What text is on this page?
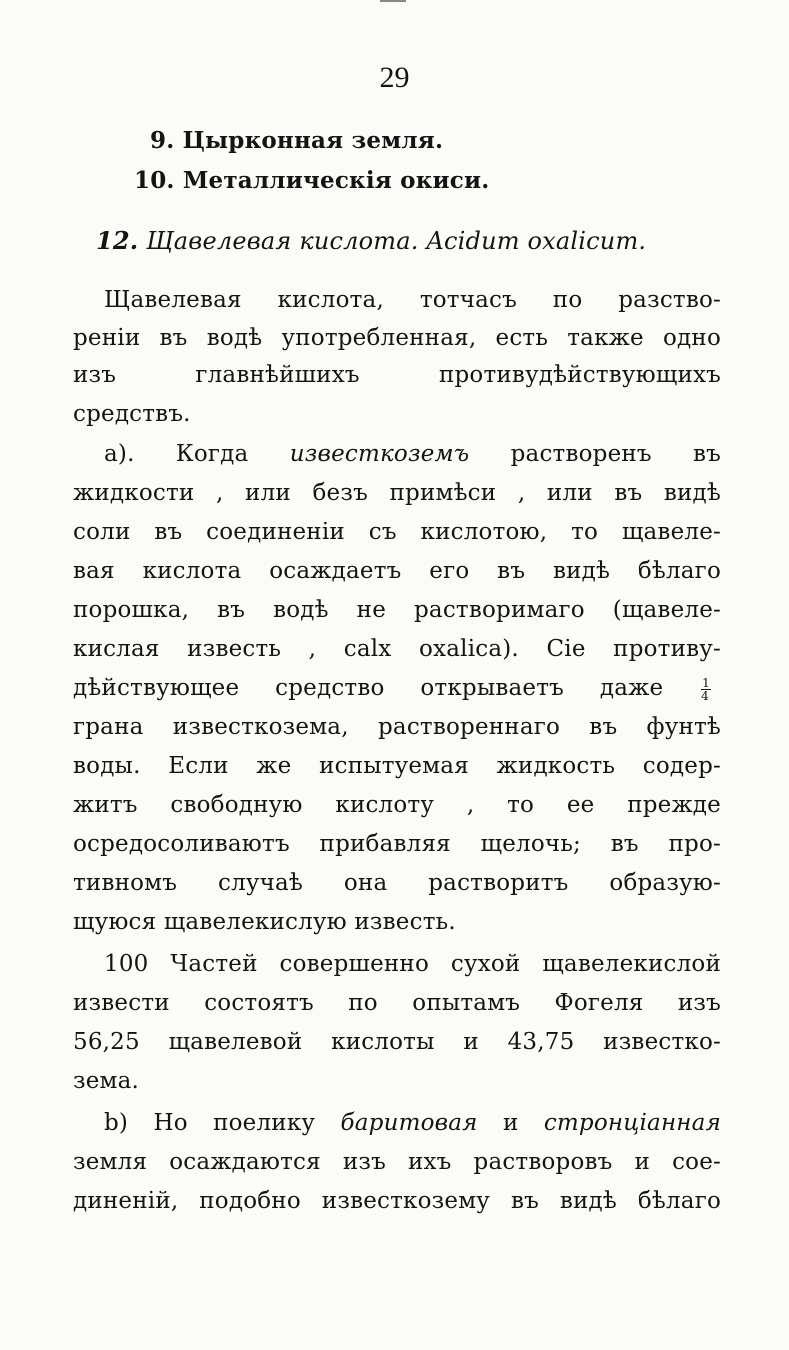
29
9. Цырконная земля.
10. Металлическія окиси.
12. Щавелевая кислота. Acidum oxalicum.
Щавелевая кислота, тотчасъ по разство-
реніи въ водѣ употребленная, есть также одно
изъ главнѣйшихъ противудѣйствующихъ
средствъ.
а). Когда известкоземъ растворенъ въ
жидкости , или безъ примѣси , или въ видѣ
соли въ соединеніи съ кислотою, то щавеле-
вая кислота осаждаетъ его въ видѣ бѣлаго
порошка, въ водѣ не растворимаго (щавеле-
кислая известь , calx oxalica). Сіе противу-
дѣйствующее средство открываетъ даже	$\frac{1}{4}$
грана известкозема, раствореннаго въ фунтѣ
воды. Если же испытуемая жидкость содер-
житъ свободную кислоту , то ее прежде
осредосоливаютъ прибавляя щелочь; въ про-
тивномъ случаѣ она растворитъ образую-
щуюся щавелекислую известь.
100 Частей совершенно сухой щавелекислой
извести состоятъ по опытамъ Фогеля изъ
56,25 щавелевой кислоты и 43,75 известко-
зема.
b) Но поелику баритовая и стронціанная
земля осаждаются изъ ихъ растворовъ и сое-
диненій, подобно известкозему въ видѣ бѣлаго
